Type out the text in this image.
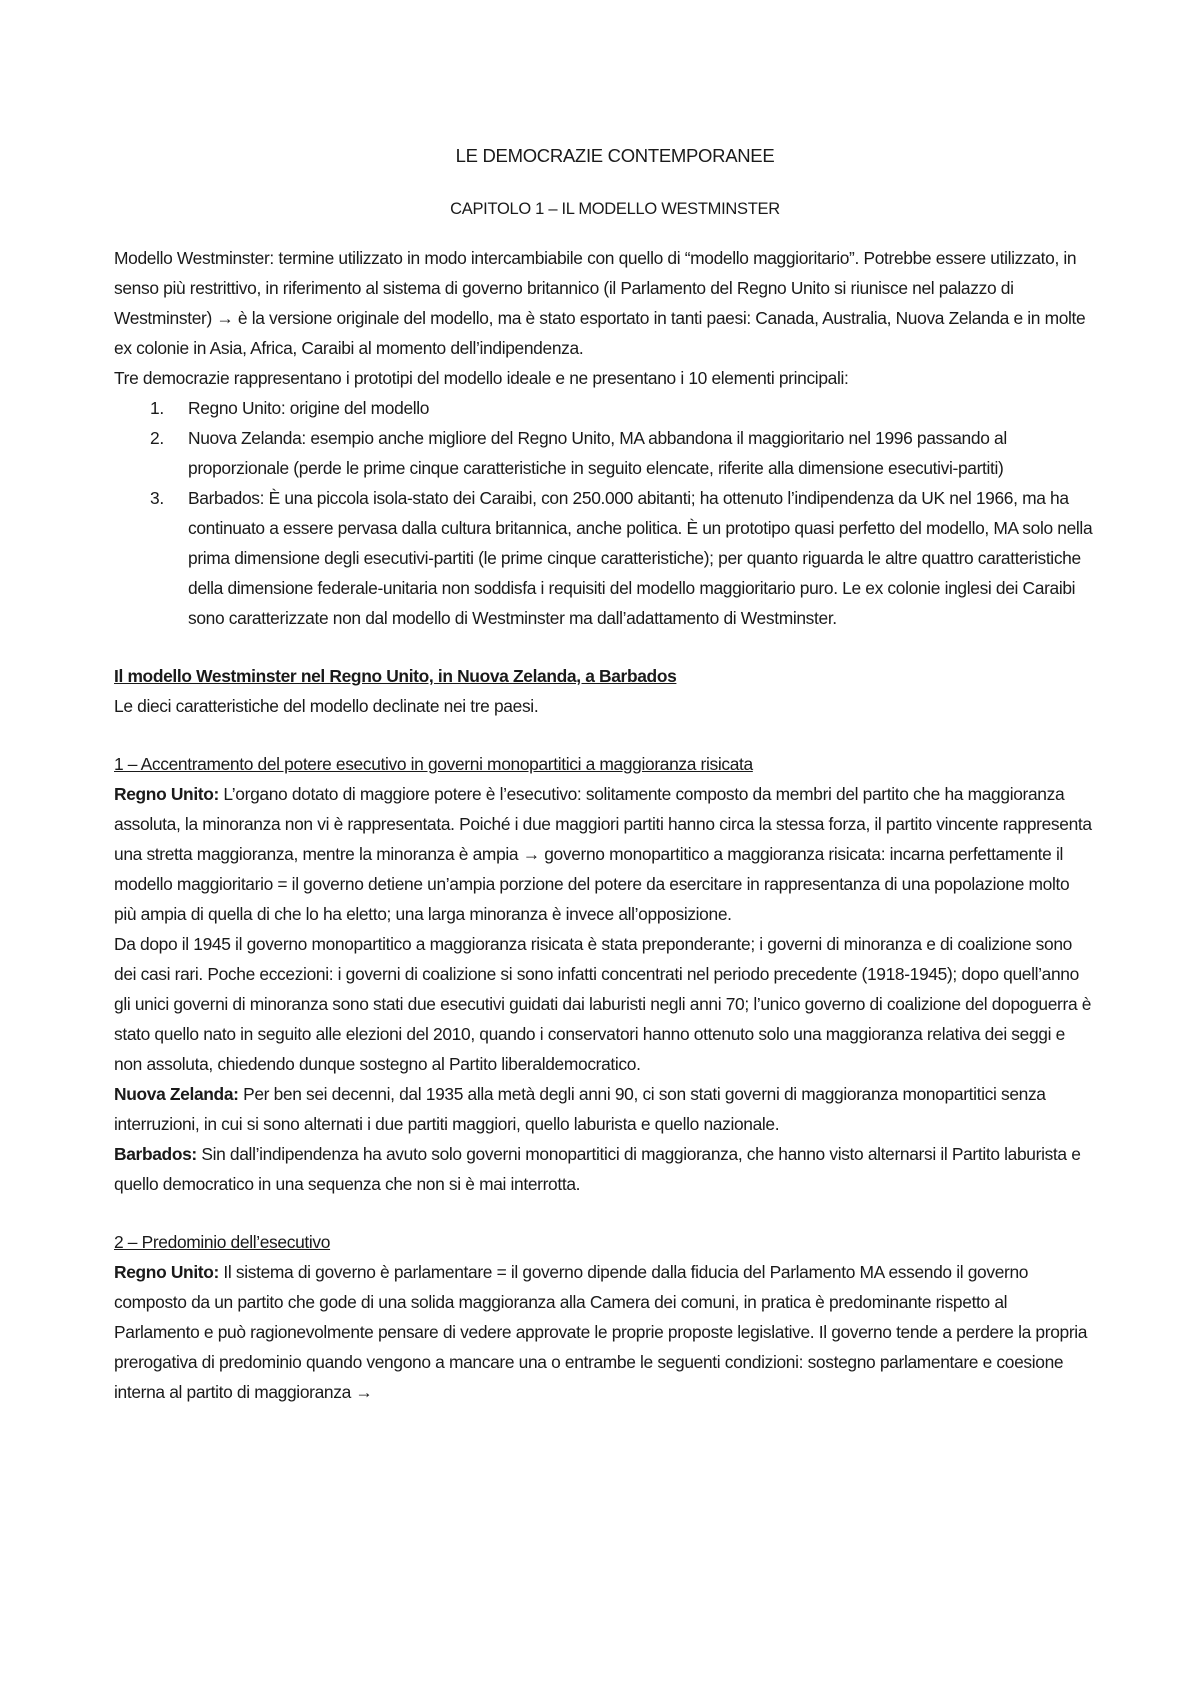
LE DEMOCRAZIE CONTEMPORANEE
CAPITOLO 1 – IL MODELLO WESTMINSTER

Modello Westminster: termine utilizzato in modo intercambiabile con quello di “modello maggioritario”. Potrebbe essere utilizzato, in senso più restrittivo, in riferimento al sistema di governo britannico (il Parlamento del Regno Unito si riunisce nel palazzo di Westminster) → è la versione originale del modello, ma è stato esportato in tanti paesi: Canada, Australia, Nuova Zelanda e in molte ex colonie in Asia, Africa, Caraibi al momento dell’indipendenza.

Tre democrazie rappresentano i prototipi del modello ideale e ne presentano i 10 elementi principali:

1. Regno Unito: origine del modello
2. Nuova Zelanda: esempio anche migliore del Regno Unito, MA abbandona il maggioritario nel 1996 passando al proporzionale (perde le prime cinque caratteristiche in seguito elencate, riferite alla dimensione esecutivi-partiti)
3. Barbados: È una piccola isola-stato dei Caraibi, con 250.000 abitanti; ha ottenuto l’indipendenza da UK nel 1966, ma ha continuato a essere pervasa dalla cultura britannica, anche politica. È un prototipo quasi perfetto del modello, MA solo nella prima dimensione degli esecutivi-partiti (le prime cinque caratteristiche); per quanto riguarda le altre quattro caratteristiche della dimensione federale-unitaria non soddisfa i requisiti del modello maggioritario puro. Le ex colonie inglesi dei Caraibi sono caratterizzate non dal modello di Westminster ma dall’adattamento di Westminster.

Il modello Westminster nel Regno Unito, in Nuova Zelanda, a Barbados

Le dieci caratteristiche del modello declinate nei tre paesi.

1 – Accentramento del potere esecutivo in governi monopartitici a maggioranza risicata

Regno Unito: L’organo dotato di maggiore potere è l’esecutivo: solitamente composto da membri del partito che ha maggioranza assoluta, la minoranza non vi è rappresentata. Poiché i due maggiori partiti hanno circa la stessa forza, il partito vincente rappresenta una stretta maggioranza, mentre la minoranza è ampia → governo monopartitico a maggioranza risicata: incarna perfettamente il modello maggioritario = il governo detiene un’ampia porzione del potere da esercitare in rappresentanza di una popolazione molto più ampia di quella di che lo ha eletto; una larga minoranza è invece all’opposizione.

Da dopo il 1945 il governo monopartitico a maggioranza risicata è stata preponderante; i governi di minoranza e di coalizione sono dei casi rari. Poche eccezioni: i governi di coalizione si sono infatti concentrati nel periodo precedente (1918-1945); dopo quell’anno gli unici governi di minoranza sono stati due esecutivi guidati dai laburisti negli anni 70; l’unico governo di coalizione del dopoguerra è stato quello nato in seguito alle elezioni del 2010, quando i conservatori hanno ottenuto solo una maggioranza relativa dei seggi e non assoluta, chiedendo dunque sostegno al Partito liberaldemocratico.

Nuova Zelanda: Per ben sei decenni, dal 1935 alla metà degli anni 90, ci son stati governi di maggioranza monopartitici senza interruzioni, in cui si sono alternati i due partiti maggiori, quello laburista e quello nazionale.

Barbados: Sin dall’indipendenza ha avuto solo governi monopartitici di maggioranza, che hanno visto alternarsi il Partito laburista e quello democratico in una sequenza che non si è mai interrotta.

2 – Predominio dell’esecutivo

Regno Unito: Il sistema di governo è parlamentare = il governo dipende dalla fiducia del Parlamento MA essendo il governo composto da un partito che gode di una solida maggioranza alla Camera dei comuni, in pratica è predominante rispetto al Parlamento e può ragionevolmente pensare di vedere approvate le proprie proposte legislative. Il governo tende a perdere la propria prerogativa di predominio quando vengono a mancare una o entrambe le seguenti condizioni: sostegno parlamentare e coesione interna al partito di maggioranza →
